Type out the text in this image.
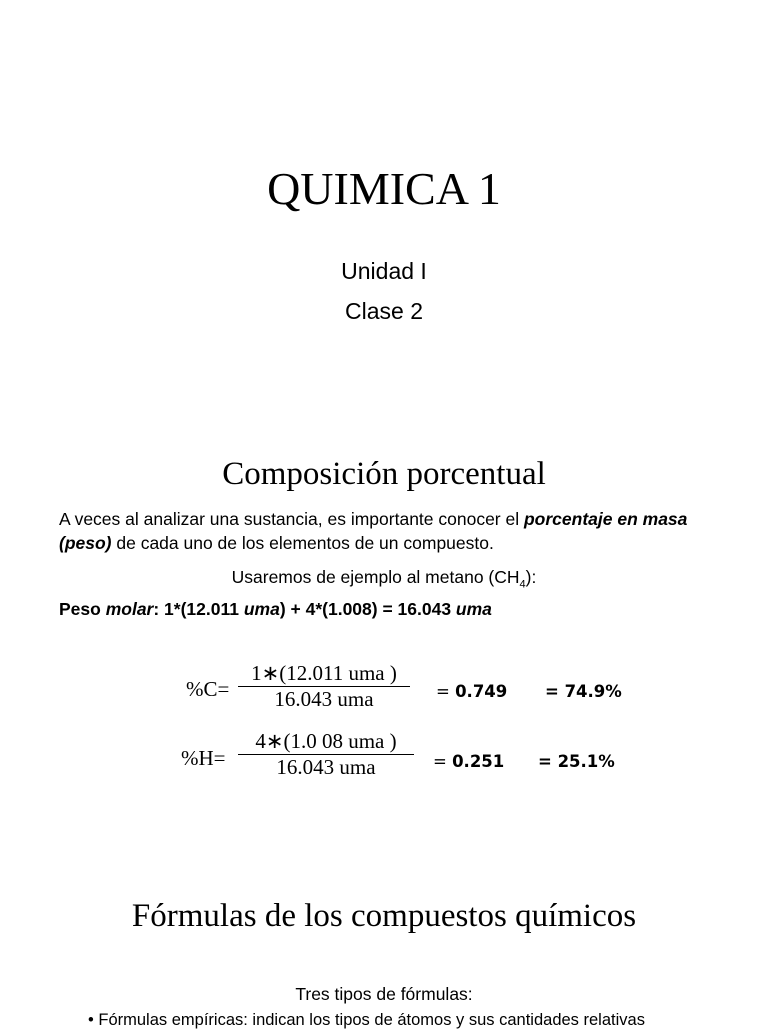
QUIMICA 1
Unidad I
Clase 2
Composición porcentual
A veces al analizar una sustancia, es importante conocer el porcentaje en masa (peso) de cada uno de los elementos de un compuesto.
Usaremos de ejemplo al metano $(CH_4)$:
Peso molar: 1*(12.011 uma) + 4*(1.008) = 16.043 uma
%C=
1∗(12.011 uma )
16.043 uma	= 0.749 = 74.9%
%H=
4∗(1.0 08 uma )
16.043 uma	= 0.251 = 25.1%
Fórmulas de los compuestos químicos
Tres tipos de fórmulas:
• Fórmulas empíricas: indican los tipos de átomos y sus cantidades relativas
